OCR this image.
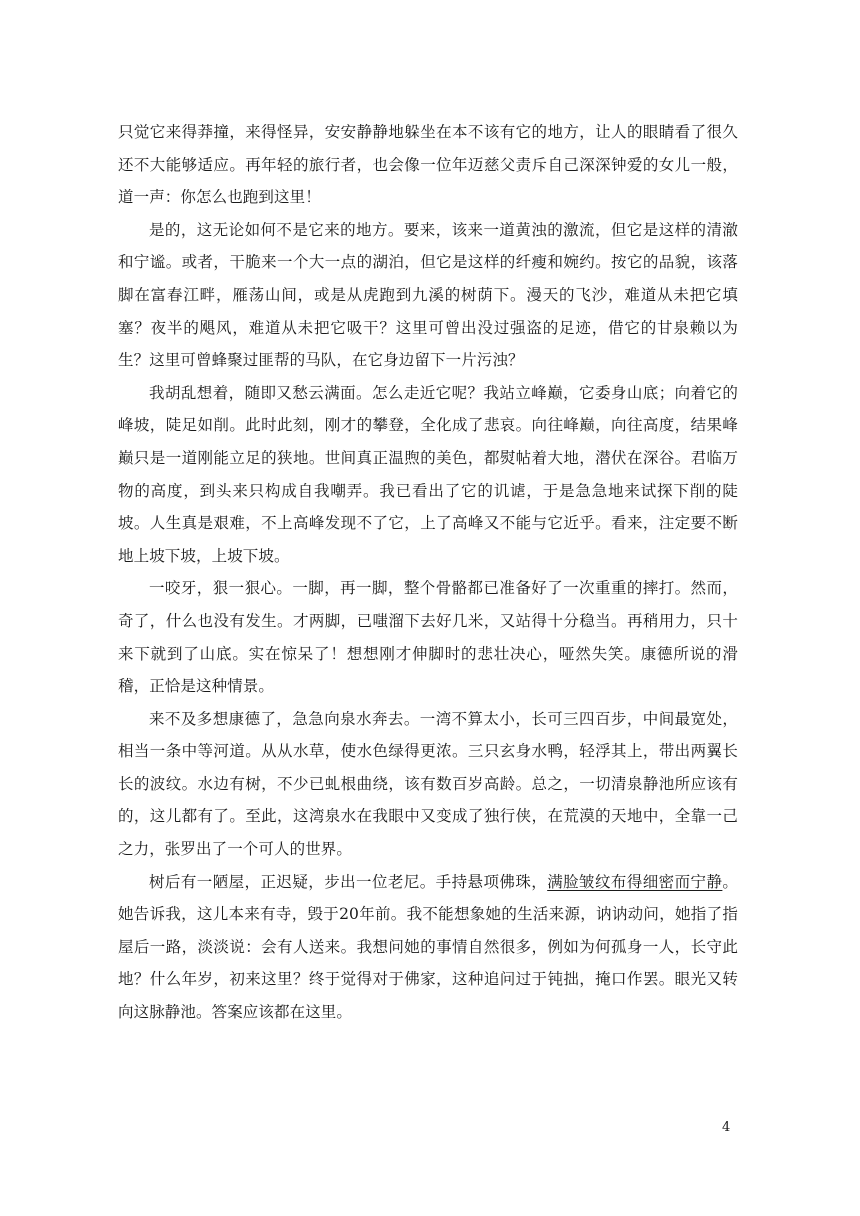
只觉它来得莽撞，来得怪异，安安静静地躲坐在本不该有它的地方，让人的眼睛看了很久还不大能够适应。再年轻的旅行者，也会像一位年迈慈父责斥自己深深钟爱的女儿一般，道一声：你怎么也跑到这里！

是的，这无论如何不是它来的地方。要来，该来一道黄浊的激流，但它是这样的清澈和宁谧。或者，干脆来一个大一点的湖泊，但它是这样的纤瘦和婉约。按它的品貌，该落脚在富春江畔，雁荡山间，或是从虎跑到九溪的树荫下。漫天的飞沙，难道从未把它填塞？夜半的飓风，难道从未把它吸干？这里可曾出没过强盗的足迹，借它的甘泉赖以为生？这里可曾蜂聚过匪帮的马队，在它身边留下一片污浊？

我胡乱想着，随即又愁云满面。怎么走近它呢？我站立峰巅，它委身山底；向着它的峰坡，陡足如削。此时此刻，刚才的攀登，全化成了悲哀。向往峰巅，向往高度，结果峰巅只是一道刚能立足的狭地。世间真正温煦的美色，都熨帖着大地，潜伏在深谷。君临万物的高度，到头来只构成自我嘲弄。我已看出了它的讥谑，于是急急地来试探下削的陡坡。人生真是艰难，不上高峰发现不了它，上了高峰又不能与它近乎。看来，注定要不断地上坡下坡，上坡下坡。

一咬牙，狠一狠心。一脚，再一脚，整个骨骼都已准备好了一次重重的摔打。然而，奇了，什么也没有发生。才两脚，已嗤溜下去好几米，又站得十分稳当。再稍用力，只十来下就到了山底。实在惊呆了！想想刚才伸脚时的悲壮决心，哑然失笑。康德所说的滑稽，正恰是这种情景。

来不及多想康德了，急急向泉水奔去。一湾不算太小，长可三四百步，中间最宽处，相当一条中等河道。从从水草，使水色绿得更浓。三只玄身水鸭，轻浮其上，带出两翼长长的波纹。水边有树，不少已虬根曲绕，该有数百岁高龄。总之，一切清泉静池所应该有的，这儿都有了。至此，这湾泉水在我眼中又变成了独行侠，在荒漠的天地中，全靠一己之力，张罗出了一个可人的世界。

树后有一陋屋，正迟疑，步出一位老尼。手持悬项佛珠，满脸皱纹布得细密而宁静。她告诉我，这儿本来有寺，毁于20年前。我不能想象她的生活来源，讷讷动问，她指了指屋后一路，淡淡说：会有人送来。我想问她的事情自然很多，例如为何孤身一人，长守此地？什么年岁，初来这里？终于觉得对于佛家，这种追问过于钝拙，掩口作罢。眼光又转向这脉静池。答案应该都在这里。

4
